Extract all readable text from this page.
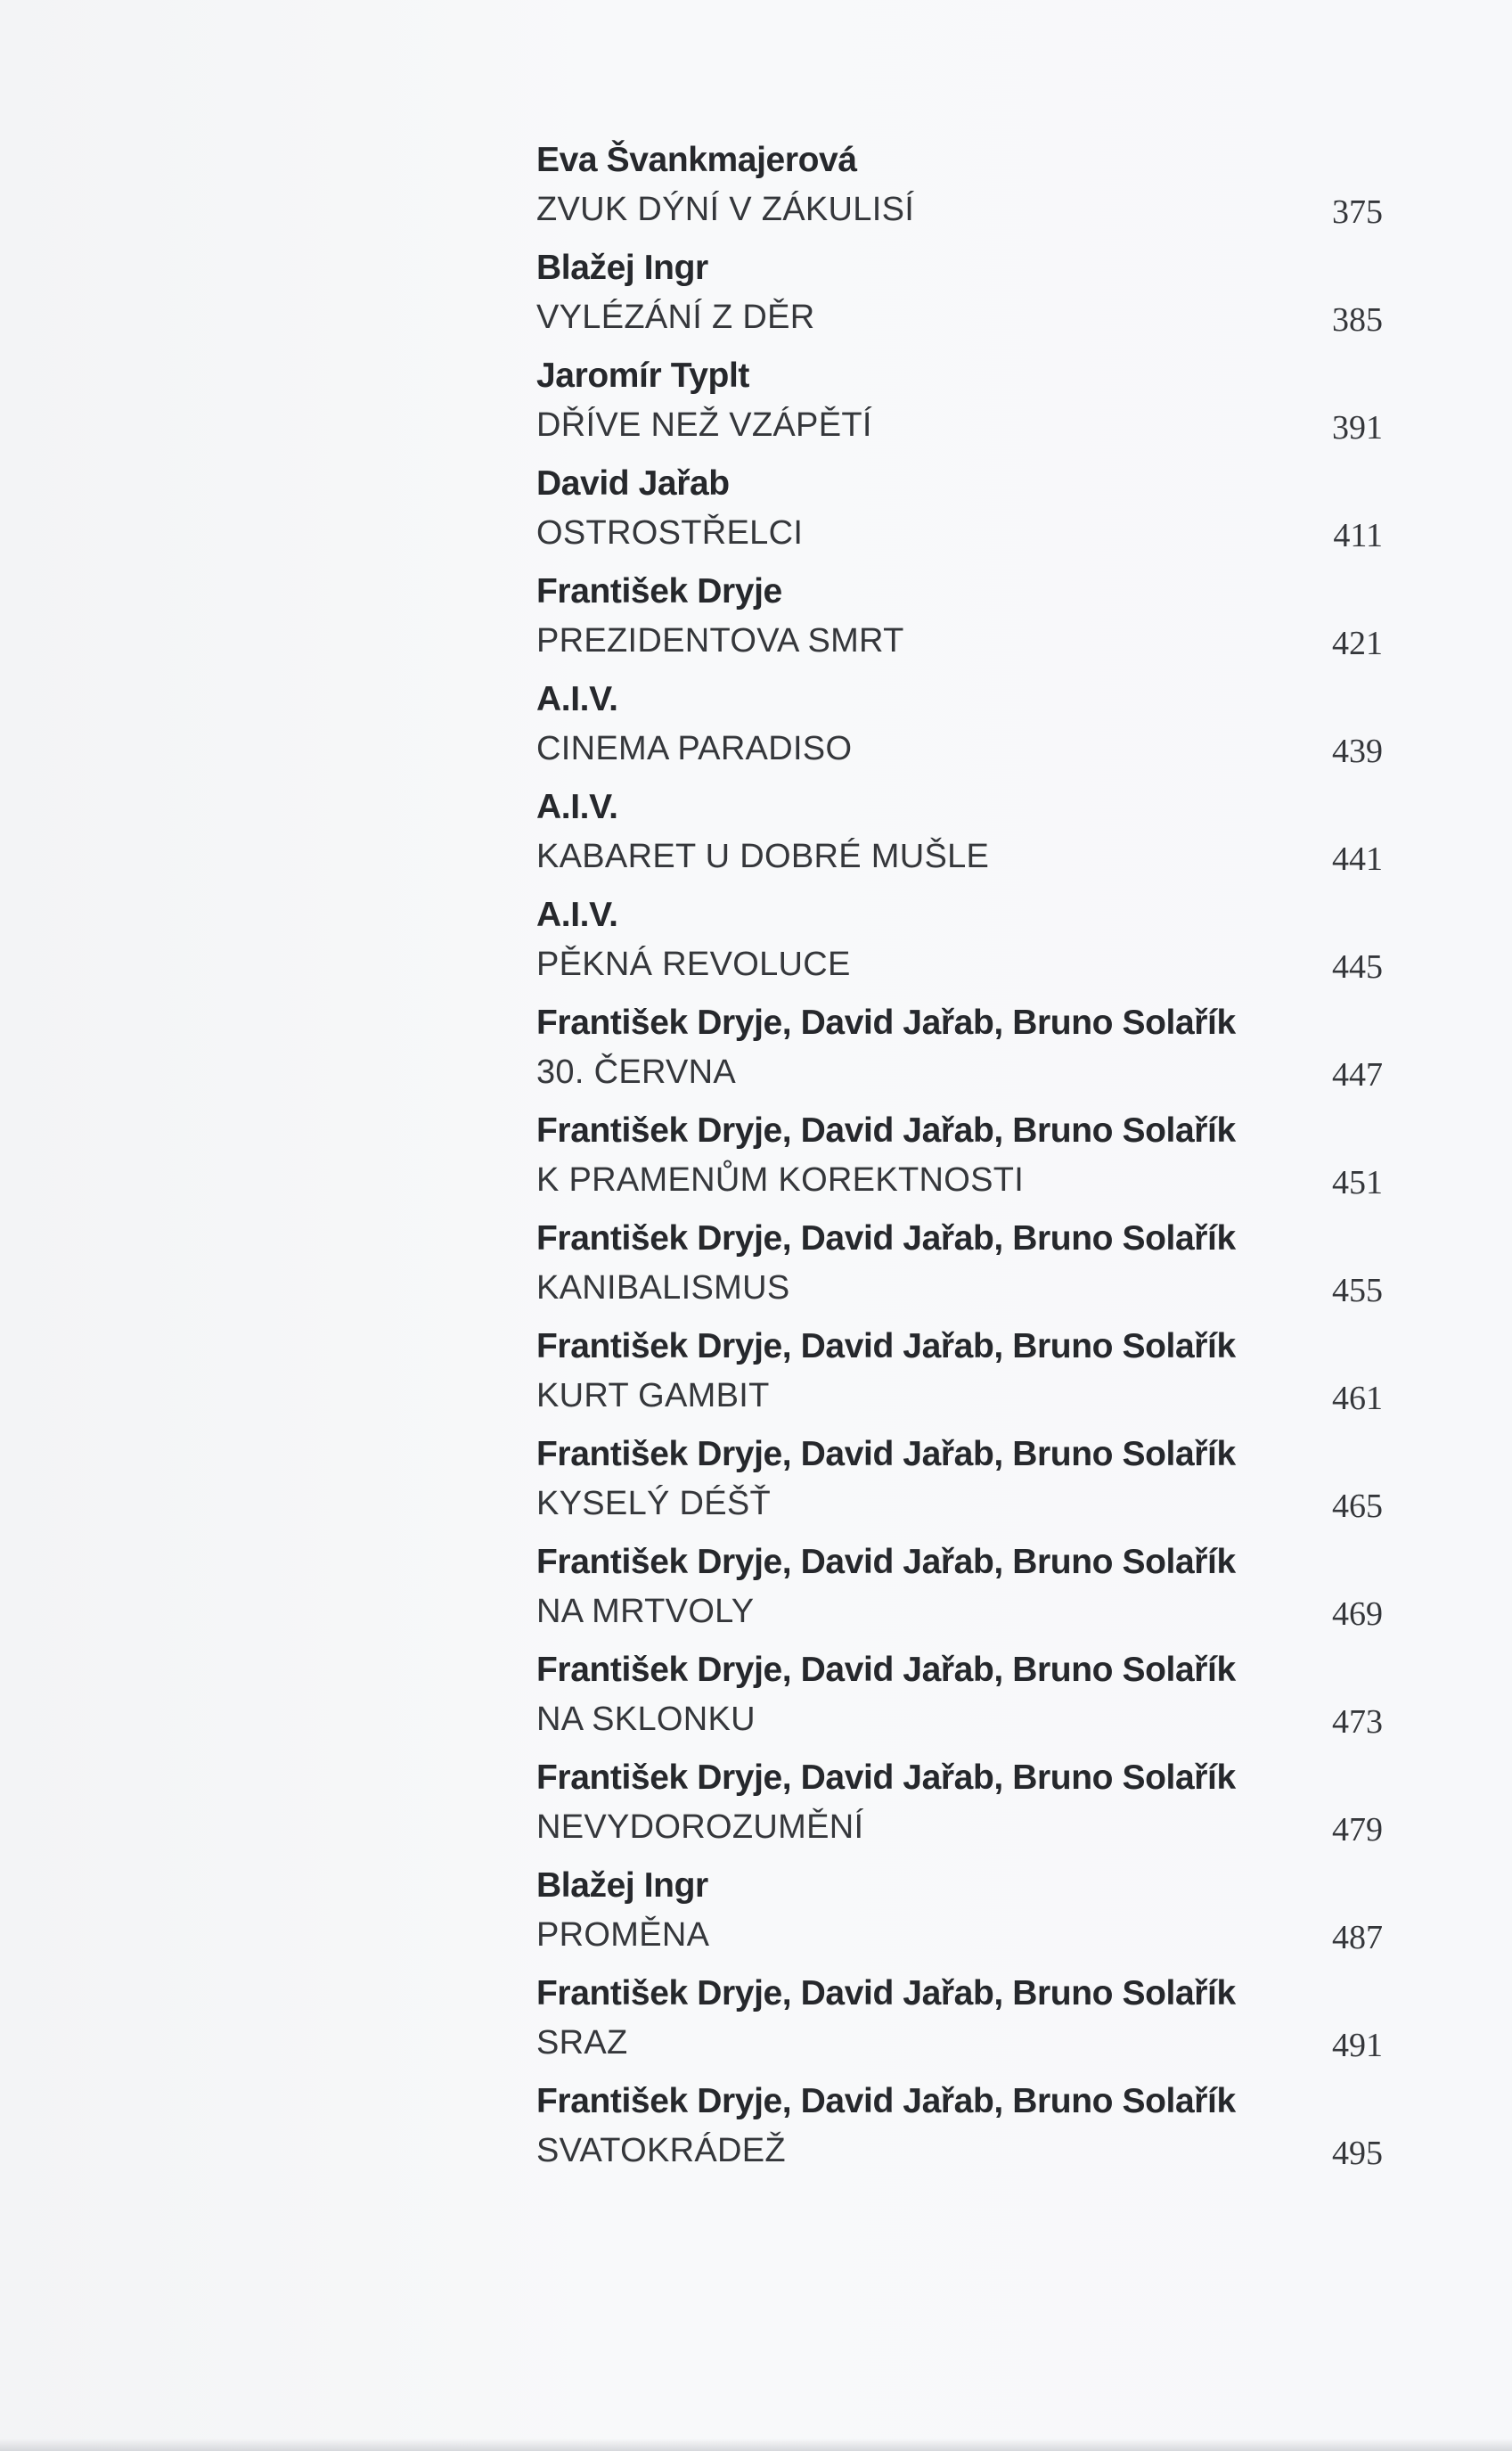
Eva Švankmajerová
ZVUK DÝNÍ V ZÁKULISÍ	375
Blažej Ingr
VYLÉZÁNÍ Z DĚR	385
Jaromír Typlt
DŘÍVE NEŽ VZÁPĚTÍ	391
David Jařab
OSTROSTŘELCI	411
František Dryje
PREZIDENTOVA SMRT	421
A.I.V.
CINEMA PARADISO	439
A.I.V.
KABARET U DOBRÉ MUŠLE	441
A.I.V.
PĚKNÁ REVOLUCE	445
František Dryje, David Jařab, Bruno Solařík
30. ČERVNA	447
František Dryje, David Jařab, Bruno Solařík
K PRAMENŮM KOREKTNOSTI	451
František Dryje, David Jařab, Bruno Solařík
KANIBALISMUS	455
František Dryje, David Jařab, Bruno Solařík
KURT GAMBIT	461
František Dryje, David Jařab, Bruno Solařík
KYSELÝ DÉŠŤ	465
František Dryje, David Jařab, Bruno Solařík
NA MRTVOLY	469
František Dryje, David Jařab, Bruno Solařík
NA SKLONKU	473
František Dryje, David Jařab, Bruno Solařík
NEVYDOROZUMĚNÍ	479
Blažej Ingr
PROMĚNA	487
František Dryje, David Jařab, Bruno Solařík
SRAZ	491
František Dryje, David Jařab, Bruno Solařík
SVATOKRÁDEŽ	495
